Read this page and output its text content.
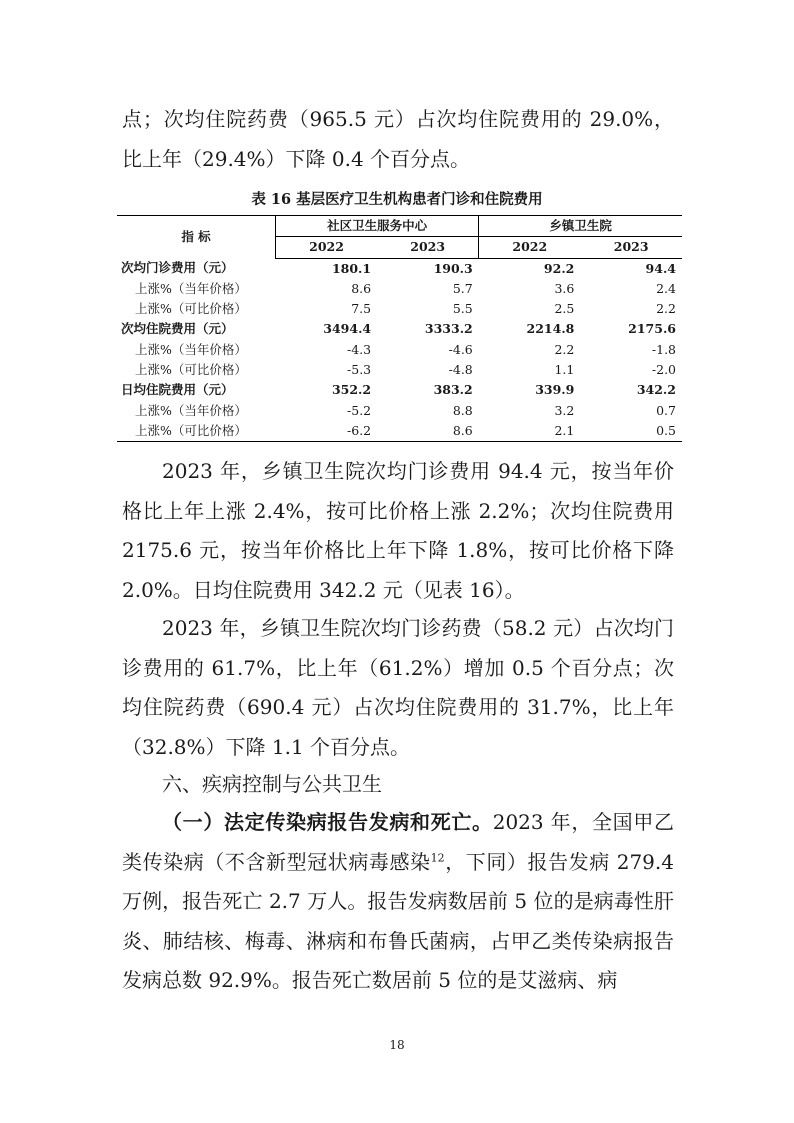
点；次均住院药费（965.5 元）占次均住院费用的 29.0%，比上年（29.4%）下降 0.4 个百分点。

表 16 基层医疗卫生机构患者门诊和住院费用
指 标	社区卫生服务中心		乡镇卫生院	
	2022	2023	2022	2023
次均门诊费用（元）	180.1	190.3	92.2	94.4
上涨%（当年价格）	8.6	5.7	3.6	2.4
上涨%（可比价格）	7.5	5.5	2.5	2.2
次均住院费用（元）	3494.4	3333.2	2214.8	2175.6
上涨%（当年价格）	-4.3	-4.6	2.2	-1.8
上涨%（可比价格）	-5.3	-4.8	1.1	-2.0
日均住院费用（元）	352.2	383.2	339.9	342.2
上涨%（当年价格）	-5.2	8.8	3.2	0.7
上涨%（可比价格）	-6.2	8.6	2.1	0.5

2023 年，乡镇卫生院次均门诊费用 94.4 元，按当年价格比上年上涨 2.4%，按可比价格上涨 2.2%；次均住院费用 2175.6 元，按当年价格比上年下降 1.8%，按可比价格下降 2.0%。日均住院费用 342.2 元（见表 16）。

2023 年，乡镇卫生院次均门诊药费（58.2 元）占次均门诊费用的 61.7%，比上年（61.2%）增加 0.5 个百分点；次均住院药费（690.4 元）占次均住院费用的 31.7%，比上年（32.8%）下降 1.1 个百分点。

六、疾病控制与公共卫生

（一）法定传染病报告发病和死亡。2023 年，全国甲乙类传染病（不含新型冠状病毒感染$^{12}$，下同）报告发病 279.4 万例，报告死亡 2.7 万人。报告发病数居前 5 位的是病毒性肝炎、肺结核、梅毒、淋病和布鲁氏菌病，占甲乙类传染病报告发病总数 92.9%。报告死亡数居前 5 位的是艾滋病、病

18
